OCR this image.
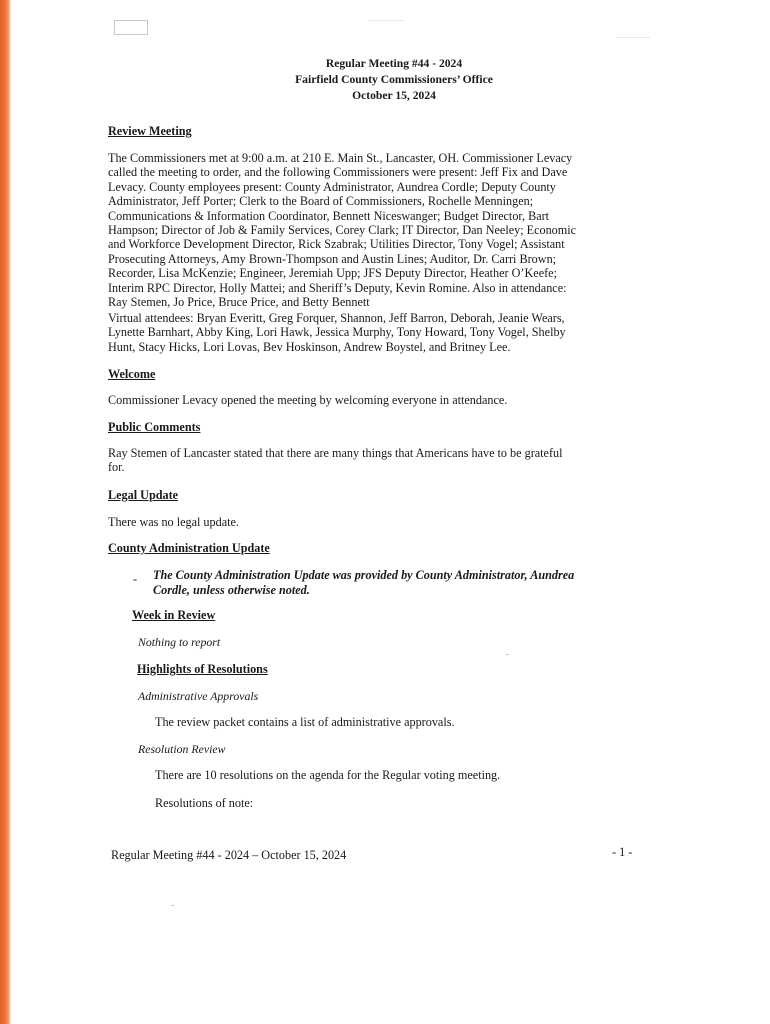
Regular Meeting #44 - 2024
Fairfield County Commissioners’ Office
October 15, 2024
Review Meeting
The Commissioners met at 9:00 a.m. at 210 E. Main St., Lancaster, OH. Commissioner Levacy
called the meeting to order, and the following Commissioners were present: Jeff Fix and Dave
Levacy. County employees present: County Administrator, Aundrea Cordle; Deputy County
Administrator, Jeff Porter; Clerk to the Board of Commissioners, Rochelle Menningen;
Communications & Information Coordinator, Bennett Niceswanger; Budget Director, Bart
Hampson; Director of Job & Family Services, Corey Clark; IT Director, Dan Neeley; Economic
and Workforce Development Director, Rick Szabrak; Utilities Director, Tony Vogel; Assistant
Prosecuting Attorneys, Amy Brown-Thompson and Austin Lines; Auditor, Dr. Carri Brown;
Recorder, Lisa McKenzie; Engineer, Jeremiah Upp; JFS Deputy Director, Heather O’Keefe;
Interim RPC Director, Holly Mattei; and Sheriff’s Deputy, Kevin Romine. Also in attendance:
Ray Stemen, Jo Price, Bruce Price, and Betty Bennett
Virtual attendees: Bryan Everitt, Greg Forquer, Shannon, Jeff Barron, Deborah, Jeanie Wears,
Lynette Barnhart, Abby King, Lori Hawk, Jessica Murphy, Tony Howard, Tony Vogel, Shelby
Hunt, Stacy Hicks, Lori Lovas, Bev Hoskinson, Andrew Boystel, and Britney Lee.
Welcome
Commissioner Levacy opened the meeting by welcoming everyone in attendance.
Public Comments
Ray Stemen of Lancaster stated that there are many things that Americans have to be grateful
for.
Legal Update
There was no legal update.
County Administration Update
- The County Administration Update was provided by County Administrator, Aundrea
Cordle, unless otherwise noted.
Week in Review
Nothing to report
Highlights of Resolutions
Administrative Approvals
The review packet contains a list of administrative approvals.
Resolution Review
There are 10 resolutions on the agenda for the Regular voting meeting.
Resolutions of note:
Regular Meeting #44 - 2024 – October 15, 2024	- 1 -
